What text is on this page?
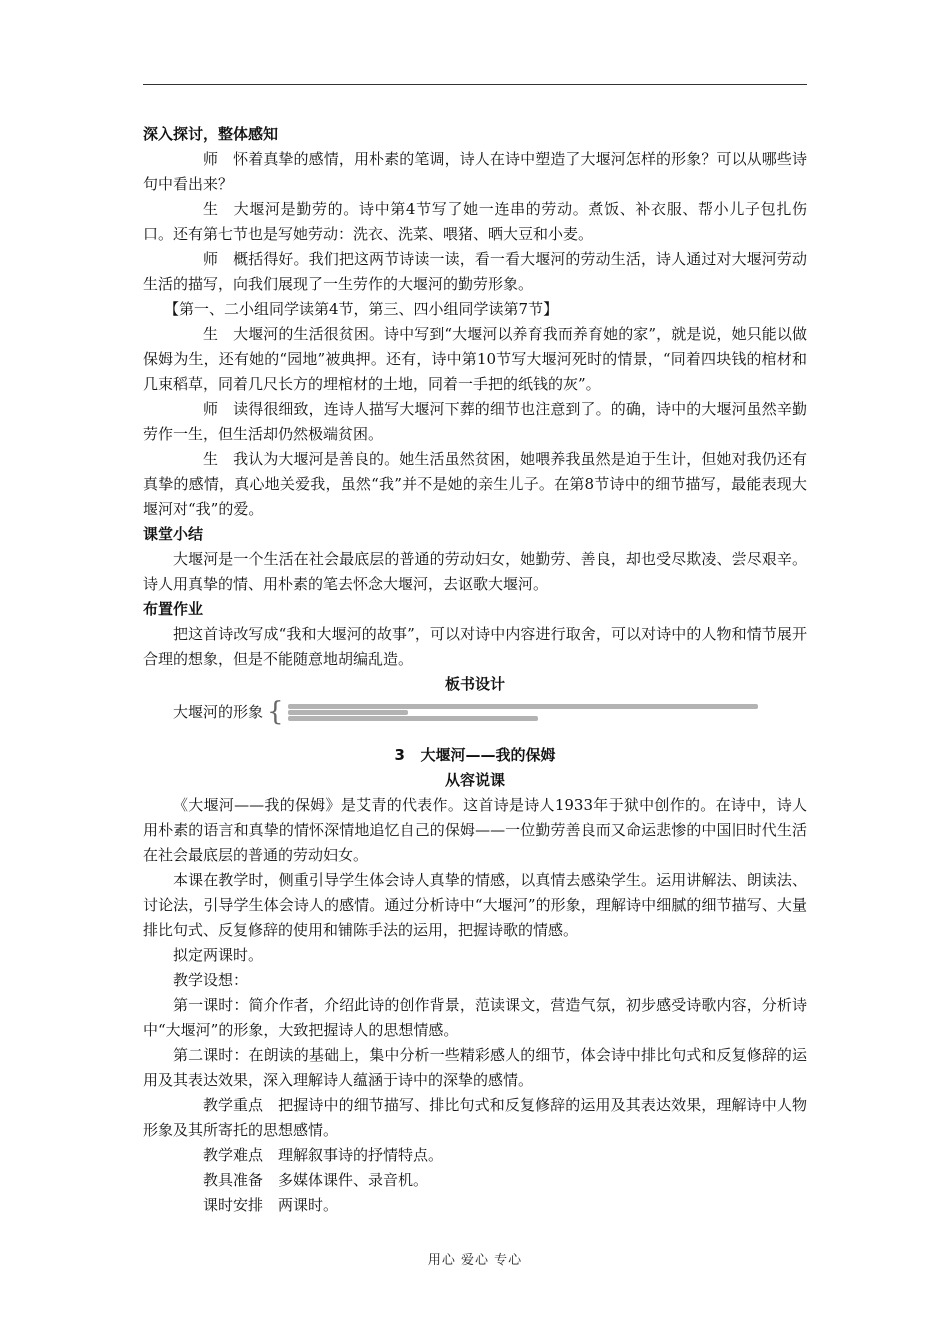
深入探讨，整体感知

师 怀着真挚的感情，用朴素的笔调，诗人在诗中塑造了大堰河怎样的形象？可以从哪些诗句中看出来？

生 大堰河是勤劳的。诗中第4节写了她一连串的劳动。煮饭、补衣服、帮小儿子包扎伤口。还有第七节也是写她劳动：洗衣、洗菜、喂猪、晒大豆和小麦。

师 概括得好。我们把这两节诗读一读，看一看大堰河的劳动生活，诗人通过对大堰河劳动生活的描写，向我们展现了一生劳作的大堰河的勤劳形象。

【第一、二小组同学读第4节，第三、四小组同学读第7节】

生 大堰河的生活很贫困。诗中写到“大堰河以养育我而养育她的家”，就是说，她只能以做保姆为生，还有她的“园地”被典押。还有，诗中第10节写大堰河死时的情景，“同着四块钱的棺材和几束稻草，同着几尺长方的埋棺材的土地，同着一手把的纸钱的灰”。

师 读得很细致，连诗人描写大堰河下葬的细节也注意到了。的确，诗中的大堰河虽然辛勤劳作一生，但生活却仍然极端贫困。

生 我认为大堰河是善良的。她生活虽然贫困，她喂养我虽然是迫于生计，但她对我仍还有真挚的感情，真心地关爱我，虽然“我”并不是她的亲生儿子。在第8节诗中的细节描写，最能表现大堰河对“我”的爱。

课堂小结

大堰河是一个生活在社会最底层的普通的劳动妇女，她勤劳、善良，却也受尽欺凌、尝尽艰辛。诗人用真挚的情、用朴素的笔去怀念大堰河，去讴歌大堰河。

布置作业

把这首诗改写成“我和大堰河的故事”，可以对诗中内容进行取舍，可以对诗中的人物和情节展开合理的想象，但是不能随意地胡编乱造。

板书设计
大堰河的形象 {
3 大堰河——我的保姆
从容说课

《大堰河——我的保姆》是艾青的代表作。这首诗是诗人1933年于狱中创作的。在诗中，诗人用朴素的语言和真挚的情怀深情地追忆自己的保姆——一位勤劳善良而又命运悲惨的中国旧时代生活在社会最底层的普通的劳动妇女。

本课在教学时，侧重引导学生体会诗人真挚的情感，以真情去感染学生。运用讲解法、朗读法、讨论法，引导学生体会诗人的感情。通过分析诗中“大堰河”的形象，理解诗中细腻的细节描写、大量排比句式、反复修辞的使用和铺陈手法的运用，把握诗歌的情感。

拟定两课时。

教学设想：

第一课时：简介作者，介绍此诗的创作背景，范读课文，营造气氛，初步感受诗歌内容，分析诗中“大堰河”的形象，大致把握诗人的思想情感。

第二课时：在朗读的基础上，集中分析一些精彩感人的细节，体会诗中排比句式和反复修辞的运用及其表达效果，深入理解诗人蕴涵于诗中的深挚的感情。

教学重点 把握诗中的细节描写、排比句式和反复修辞的运用及其表达效果，理解诗中人物形象及其所寄托的思想感情。

教学难点 理解叙事诗的抒情特点。

教具准备 多媒体课件、录音机。

课时安排 两课时。

用心 爱心 专心
